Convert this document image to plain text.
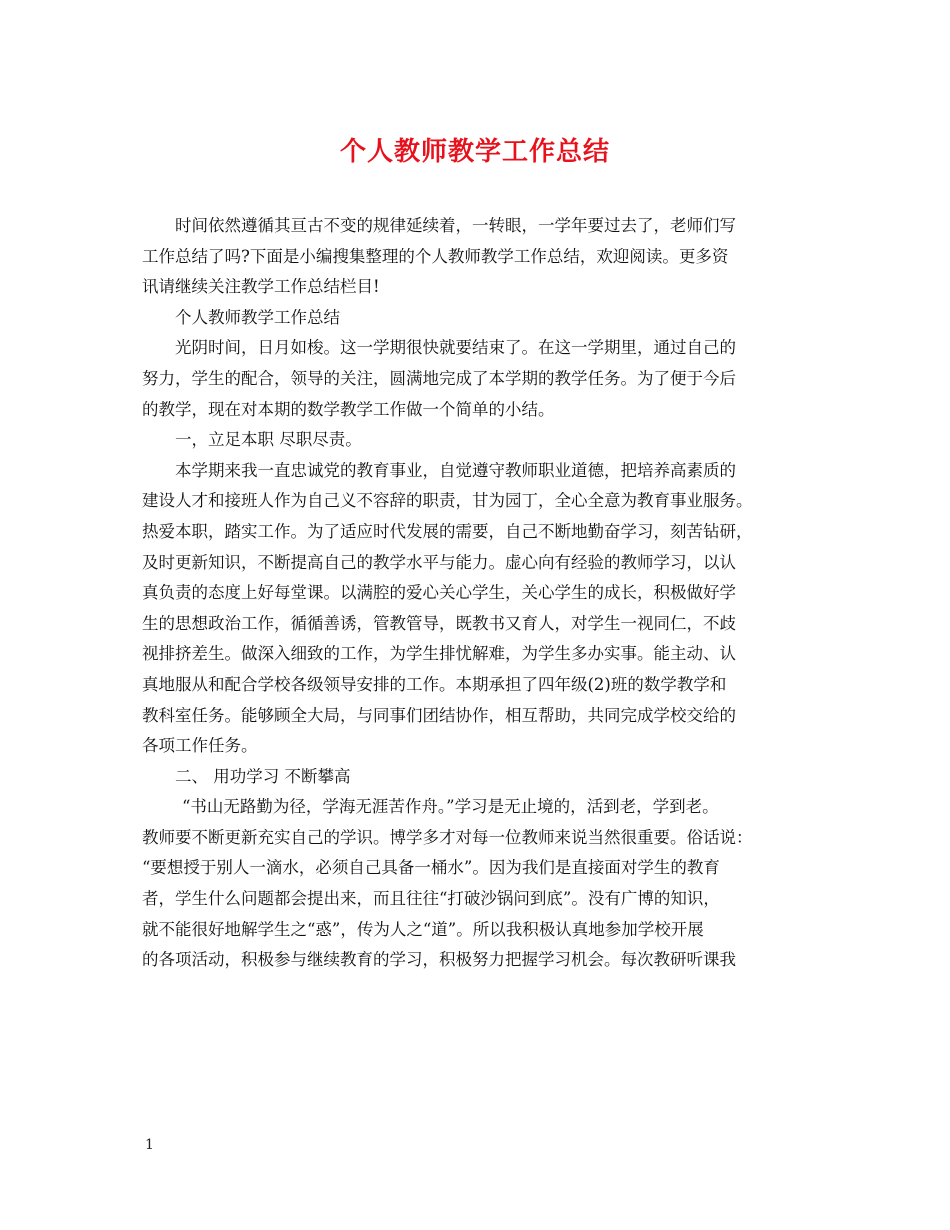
个人教师教学工作总结

时间依然遵循其亘古不变的规律延续着，一转眼，一学年要过去了，老师们写

工作总结了吗?下面是小编搜集整理的个人教师教学工作总结，欢迎阅读。更多资

讯请继续关注教学工作总结栏目!

个人教师教学工作总结

光阴时间，日月如梭。这一学期很快就要结束了。在这一学期里，通过自己的

努力，学生的配合，领导的关注，圆满地完成了本学期的教学任务。为了便于今后

的教学，现在对本期的数学教学工作做一个简单的小结。

一，立足本职 尽职尽责。

本学期来我一直忠诚党的教育事业，自觉遵守教师职业道德，把培养高素质的

建设人才和接班人作为自己义不容辞的职责，甘为园丁，全心全意为教育事业服务。

热爱本职，踏实工作。为了适应时代发展的需要，自己不断地勤奋学习，刻苦钻研，

及时更新知识，不断提高自己的教学水平与能力。虚心向有经验的教师学习，以认

真负责的态度上好每堂课。以满腔的爱心关心学生，关心学生的成长，积极做好学

生的思想政治工作，循循善诱，管教管导，既教书又育人，对学生一视同仁，不歧

视排挤差生。做深入细致的工作，为学生排忧解难，为学生多办实事。能主动、认

真地服从和配合学校各级领导安排的工作。本期承担了四年级(2)班的数学教学和

教科室任务。能够顾全大局，与同事们团结协作，相互帮助，共同完成学校交给的

各项工作任务。

二、 用功学习 不断攀高

“书山无路勤为径，学海无涯苦作舟。”学习是无止境的，活到老，学到老。

教师要不断更新充实自己的学识。博学多才对每一位教师来说当然很重要。俗话说：

“要想授于别人一滴水，必须自己具备一桶水”。因为我们是直接面对学生的教育

者，学生什么问题都会提出来，而且往往“打破沙锅问到底”。没有广博的知识，

就不能很好地解学生之“惑”，传为人之“道”。所以我积极认真地参加学校开展

的各项活动，积极参与继续教育的学习，积极努力把握学习机会。每次教研听课我

1
